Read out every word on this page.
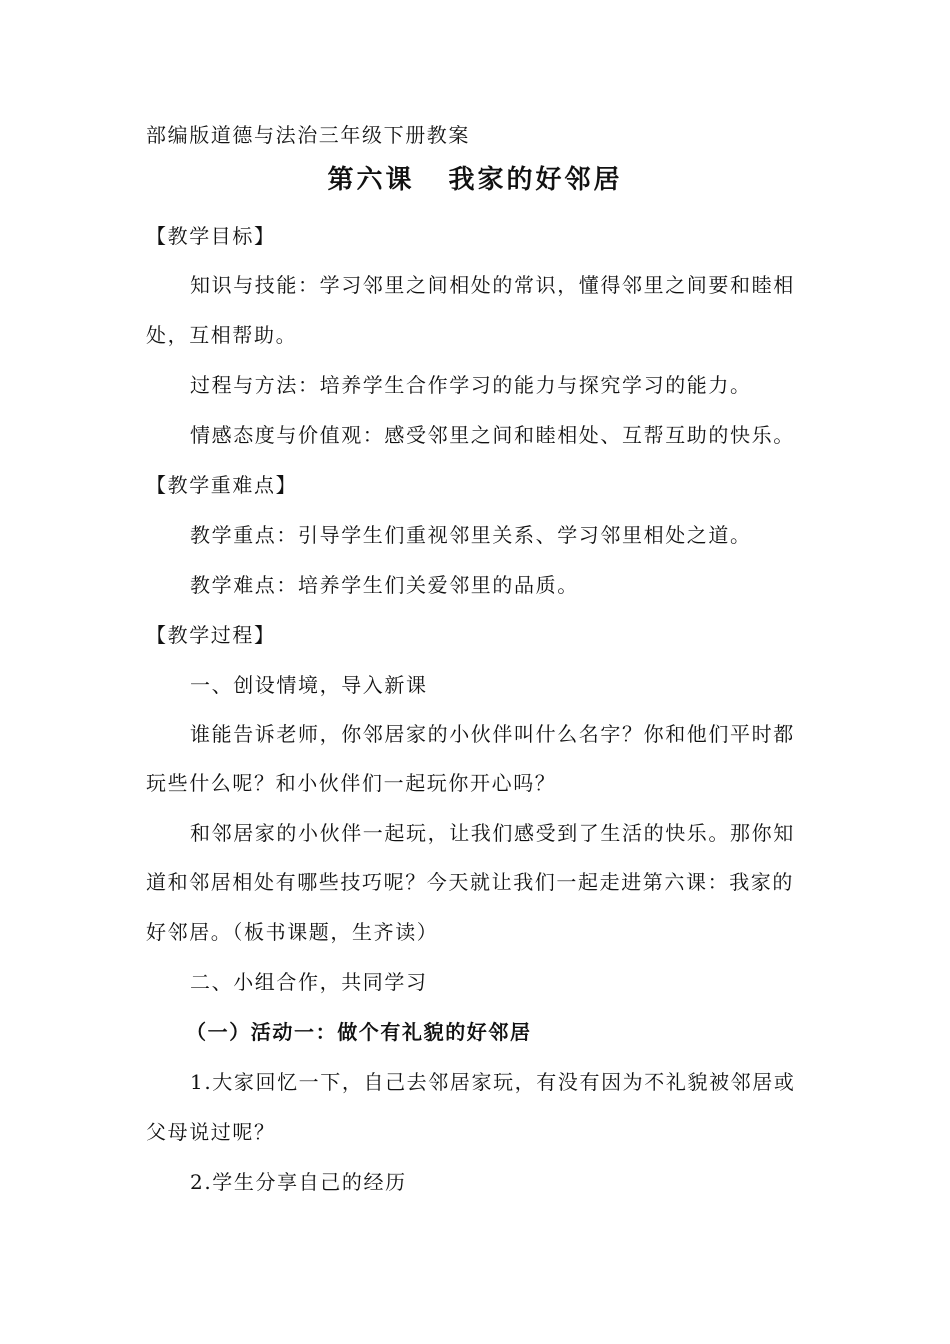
部编版道德与法治三年级下册教案
第六课 我家的好邻居
【教学目标】
知识与技能：学习邻里之间相处的常识，懂得邻里之间要和睦相
处，互相帮助。
过程与方法：培养学生合作学习的能力与探究学习的能力。
情感态度与价值观：感受邻里之间和睦相处、互帮互助的快乐。
【教学重难点】
教学重点：引导学生们重视邻里关系、学习邻里相处之道。
教学难点：培养学生们关爱邻里的品质。
【教学过程】
一、创设情境，导入新课
谁能告诉老师，你邻居家的小伙伴叫什么名字？你和他们平时都
玩些什么呢？和小伙伴们一起玩你开心吗？
和邻居家的小伙伴一起玩，让我们感受到了生活的快乐。那你知
道和邻居相处有哪些技巧呢？今天就让我们一起走进第六课：我家的
好邻居。（板书课题，生齐读）
二、小组合作，共同学习
（一）活动一：做个有礼貌的好邻居
1.大家回忆一下，自己去邻居家玩，有没有因为不礼貌被邻居或
父母说过呢？
2.学生分享自己的经历
